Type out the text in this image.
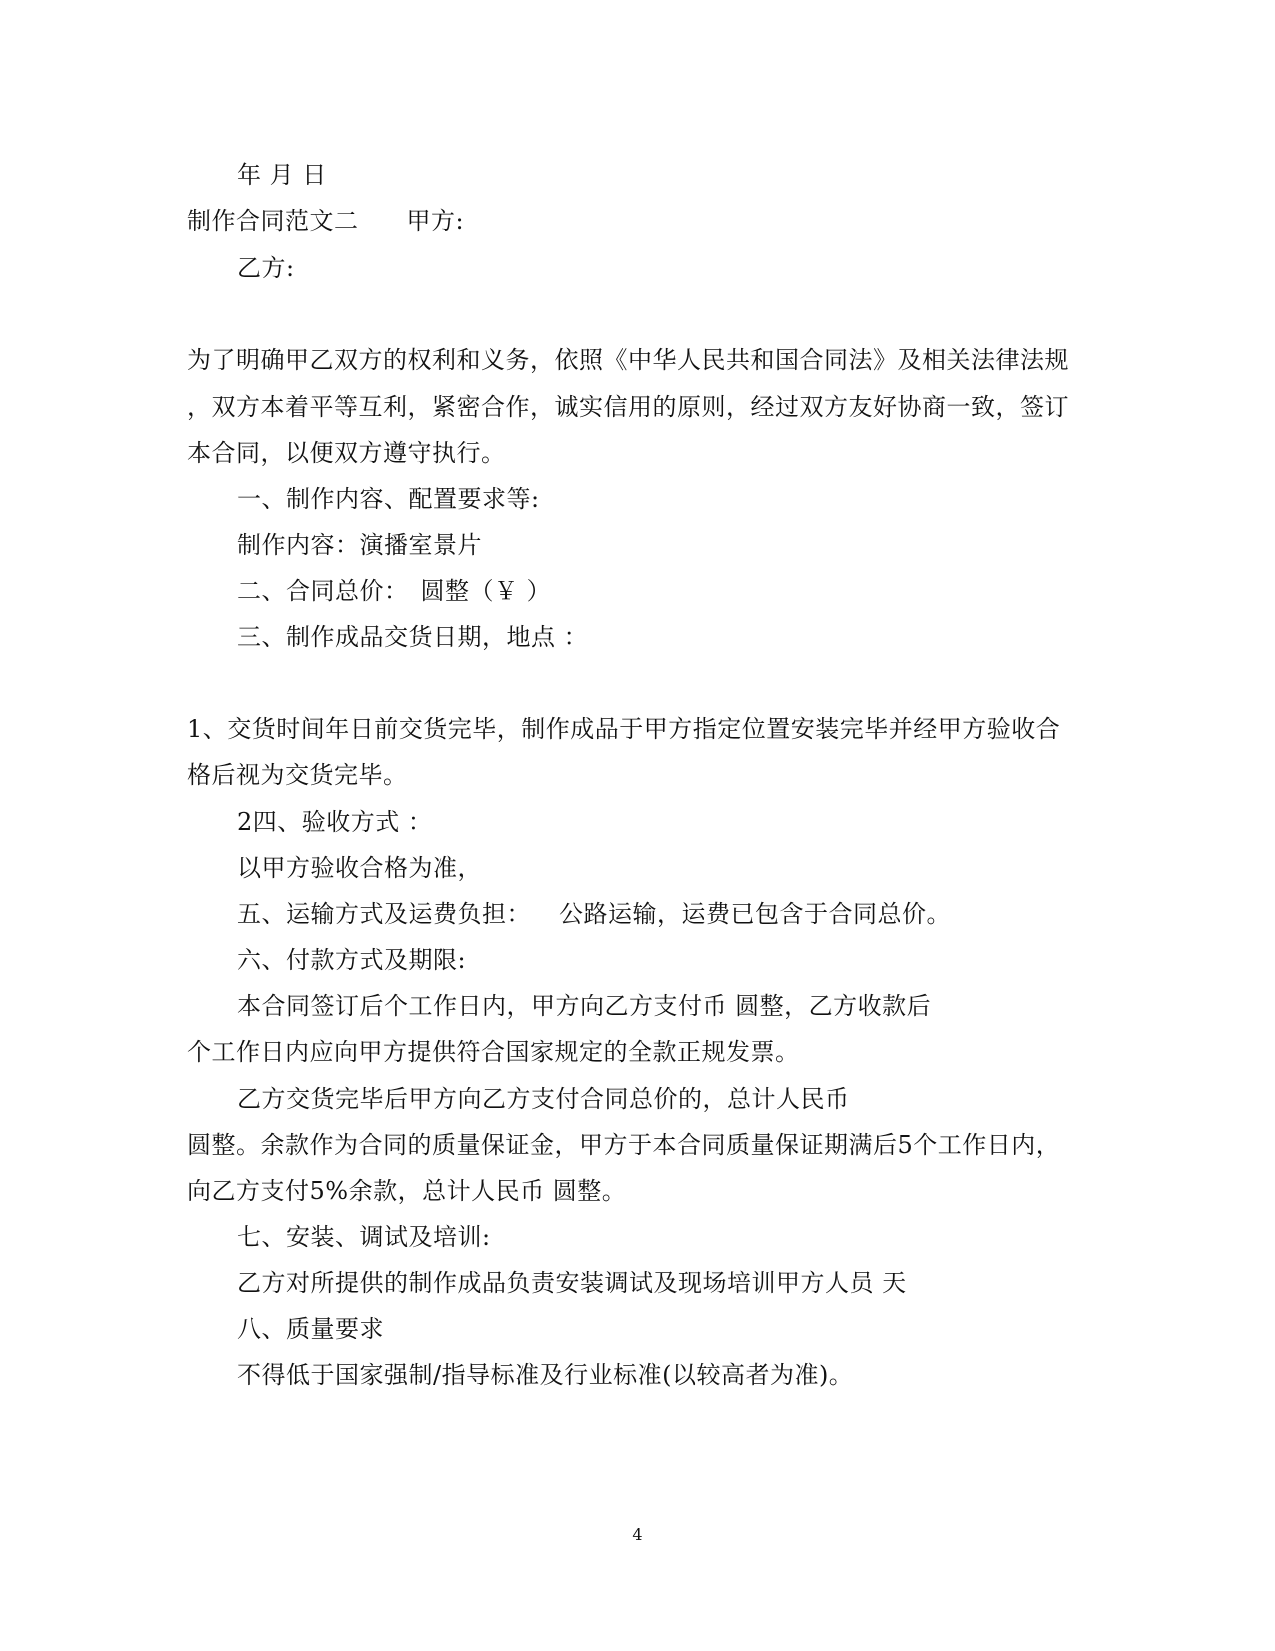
年 月 日
制作合同范文二 甲方:
乙方:
为了明确甲乙双方的权利和义务，依照《中华人民共和国合同法》及相关法律法规
，双方本着平等互利，紧密合作，诚实信用的原则，经过双方友好协商一致，签订
本合同，以便双方遵守执行。
一、制作内容、配置要求等:
制作内容：演播室景片
二、合同总价： 圆整（￥ ）
三、制作成品交货日期，地点 ：
1、交货时间年日前交货完毕，制作成品于甲方指定位置安装完毕并经甲方验收合
格后视为交货完毕。
2四、验收方式 ：
以甲方验收合格为准，
五、运输方式及运费负担： 公路运输，运费已包含于合同总价。
六、付款方式及期限:
本合同签订后个工作日内，甲方向乙方支付币 圆整，乙方收款后
个工作日内应向甲方提供符合国家规定的全款正规发票。
乙方交货完毕后甲方向乙方支付合同总价的，总计人民币
圆整。余款作为合同的质量保证金，甲方于本合同质量保证期满后5个工作日内，
向乙方支付5%余款，总计人民币 圆整。
七、安装、调试及培训:
乙方对所提供的制作成品负责安装调试及现场培训甲方人员 天
八、质量要求
不得低于国家强制/指导标准及行业标准(以较高者为准)。
4
